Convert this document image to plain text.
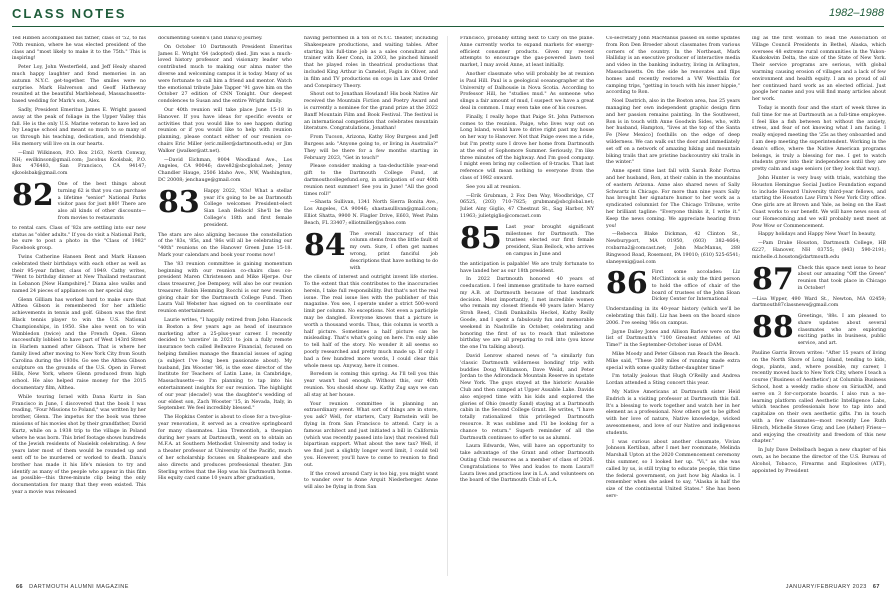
CLASS NOTES	1982–1988

Ted Hibben accompanied his father, class of '52, to his 70th reunion, where he was elected president of the class and "most likely to make it to the 75th." This is inspiring!

Peter Loy, John Westerfield, and Jeff Healy shared much happy laughter and fond memories in an autumn N.Y.C. get-together. The smiles were no surprise. Mark Halverson and Geoff Hatheway reunited at the beautiful Marblehead, Massachusetts-based wedding for Mark's son, Alex.

Sadly, President Emeritus James E. Wright passed away at the peak of foliage in the Upper Valley this fall. He is the only U.S. Marine veteran to have led an Ivy League school and meant so much to so many of us through his teaching, dedication, and friendship. His memory will live on in our hearts.

—Emil Wilkinson, P.O. Box 2163, North Conway, NH; ewilkinson@gmail.com; Jacobus Koolsbak, P.O. Box 476483, San Francisco, CA 94147; sjkoolsbak@gmail.com

82 One of the best things about turning 62 is that you can purchase a lifetime "senior" National Parks visitor pass for just $80! There are also all kinds of other discounts—from movies to restaurants

to rental cars. Class of '82s are settling into our new status as "older adults." If you do visit a National Park, be sure to post a photo in the "Class of 1982" Facebook group.

Twins Catherine Hansen Bent and Mark Hansen celebrated their birthdays with each other as well as their 95-year father, class of 1949. Cathy writes, "Went to birthday dinner at New Thailand restaurant in Lebanon [New Hampshire]." Diana also walks and named 24 pieces of appliances on her special day.

Glenn Gilliam has worked hard to make sure that Althea Gibson is remembered for her athletic achievements in tennis and golf. Gibson was the first Black tennis player to win the U.S. National Championships, in 1950. She also went on to win Wimbledon (twice) and the French Open. Glenn successfully lobbied to have part of West 143rd Street in Harlem named after Gibson. That is where her family lived after moving to New York City from South Carolina during the 1930s. Go see the Althea Gibson sculpture on the grounds of the U.S. Open in Forest Hills, New York, where Glenn produced from high school. He also helped raise money for the 2015 documentary film, Althea.

While touring Israel with Dana Kurtz in San Francisco in June, I discovered that the book I was reading, "Four Missions to Poland," was written by her brother, Glenn. The impetus for the book was three missions of his movies shot by their grandfather, David Kurtz, while on a 1938 trip to the village in Poland where he was born. This brief footage shows hundreds of the Jewish residents of Nasielsk celebrating. A few years later most of them would be rounded up and sent off to be murdered or worked to death. Dana's brother has made it his life's mission to try and identify as many of the people who appear in this film as possible—this three-minute clip being the only documentation for many that they even existed. This year a movie was released

documenting Glenn's (and Dana's) journey.

On October 10 Dartmouth President Emeritus James E. Wright '64 (adopted) died. Jim was a much-loved history professor and visionary leader who contributed much to making our alma mater the diverse and welcoming campus it is today. Many of us were fortunate to call him a friend and mentor. Watch the emotional tribute Jake Tapper '91 gave him on the October 27 edition of CNN Tonight. Our deepest condolences to Susan and the entire Wright family.

Our 40th reunion will take place June 15-18 in Hanover. If you have ideas for specific events or activities that you would like to see happen during reunion or if you would like to help with reunion planning, please contact either of our reunion co-chairs Eric Miller (eric.miller@dartmouth.edu) or Jim Walker (jwalker@att.net).

—David Eichman, 9004 Woodland Ave., Los Angeles, CA 90046; dave82@sbcglobal.net; Jenny Chandler Hauge, 2506 Idaho Ave., NW, Washington, DC 20008; jenchauge@gmail.com

83 Happy 2022, '83s! What a stellar year it's going to be as Dartmouth College welcomes President-elect Sian Leah Beilock! She'll be the College's 18th and first female president.

The stars are also aligning because the constellation of the '83s, '85s, and '86s will all be celebrating our "40th" reunions on the Hanover Green June 15-18. Mark your calendars and book your rooms now!

The '83 reunion committee is gaining momentum beginning with our reunion co-chairs class co-president Maren Christensen and Mike Hjerpe. Our class treasurer, Joe Dempsey, will also be our reunion treasurer. Robin Hemming Rocchi is our new reunion giving chair for the Dartmouth College Fund. Then Laura Vail Webster has signed on to coordinate our reunion entertainment.

Laurie writes, "I happily retired from John Hancock in Boston a few years ago as head of insurance marketing after a 25-plus-year career. I recently decided to 'unretire' in 2021 to join a fully remote insurance tech called Bellwave Financial, focused on helping families manage the financial issues of aging (a subject I've long been passionate about). My husband, Jim Wooster '86, is the exec director of the Institute for Teachers of Latin Lane, in Cambridge, Massachusetts—so I'm planning to tap into his entertainment insights for our reunion. The highlight of our year (decade!) was the daughter's wedding of our eldest son, Zach Wooster '15, in Nevada, Italy, in September. We feel incredibly blessed."

The Hopkins Center is about to close for a two-plus-year renovation, it served as a creative springboard for many classmates. Lisa Tremontioh, a thespian during her years at Dartmouth, went on to obtain an M.F.A. at Southern Methodist University and today is a theater professor at University of the Pacific, much of her scholarship focuses on Shakespeare and she also directs and produces professional theater. Jim Sterling writes that the Hop was his Dartmouth home. His equity card came 10 years after graduation,

having performed in a ton of N.Y.C. theater, including Shakespeare productions, and waiting tables. After starting his full-time job as a sales consultant and trainer with Keer Conn, in 2003, he pinched himself that he played roles in theatrical productions that included King Arthur in Camelot, Fagin in Oliver, and in film and TV productions on cops in Law and Order and Conspiracy Theory.

Shout out to Jonathan Howland! His book Native Air received the Mountain Fiction and Poetry Award and is currently a nominee for the grand prize at the 2022 Banff Mountain Film and Book Festival. The festival is an international competition that celebrates mountain literature. Congratulations, Jonathan!

From Tucson, Arizona, Kathy Hoy Burgess and Jeff Burgess ask: "Anyone going to, or living in Australia?" They will be there for a few months starting in February 2023, "Get in touch!"

Please consider making a tax-deductible year-end gift to the Dartmouth College Fund, at dartmouthcollegefund.org, in anticipation of our 40th reunion next summer! See you in June! "All the good times roll!"

—Shasta Sullivan, 1341 North Sierra Bonita Ave., Los Angeles, CA 90046; shastasullivan@gmail.com; Elliot Shatta, 9900 N. Flagler Drive, E603, West Palm Beach, FL 33407; elliotmiller@yahoo.com

84 The overall inaccuracy of this column stems from the little fault of my own. Sure, I often get names wrong, print fanciful job descriptions that have nothing to do with

the clients of interest and outright invent life stories. To the extent that this contributes to the inaccuracies herein, I take full responsibility. But that's not the real issue. The real issue lies with the publisher of this magazine. You see, I operate under a strict 500-word limit per column. No exceptions. Not even a participle may be dangled. Everyone knows that a picture is worth a thousand words. Thus, this column is worth a half picture. Sometimes a half picture can be misleading. That's what's going on here. I'm only able to tell half of the story. No wonder it all seems so poorly researched and pretty much made up. If only I had a few hundred more words, I could clear this whole mess up. Anyway, here it comes.

Boredom is coming this spring. As I'll tell you this year wasn't bad enough. Without this, our 40th reunion. You should show up. Kathy Zug says we can all stay at her house.

Your reunion committee is planning an extraordinary event. What sort of things are in store, you ask? Well, for starters, Cary Barnstein will be flying in from San Francisco to attend. Cary is a famous architect and just initiated a bill in California (which was recently passed into law) that received full bipartisan support. What about the new tax? Well, if we find just a slightly longer word limit, I could tell you. However, you'll have to come to reunion to find out.

If the crowd around Cary is too big, you might want to wander over to Anne Arquit Niederberger. Anne will also be flying in from San

Francisco, probably sitting next to Cary on the plane. Anne currently works to expand markets for energy-efficient consumer products. Given my recent attempts to encourage the gas-powered lawn tool market, I may avoid Anne, at least initially.

Another classmate who will probably be at reunion is Paul Hill. Paul is a geological oceanographer at the University of Dalhousie in Nova Scotia. According to Professor Hill, he "studies mud." As someone who slings a fair amount of mud, I suspect we have a great deal in common. I may even take one of his courses.

Finally, I really hope that Paige St. John Patterson comes to the reunion. Paige, who lives way out on Long Island, would have to drive right past my house on her way to Hanover. Not that Paige owes me a ride, but I'm pretty sure I drove her home from Dartmouth at the end of Sophomore Summer. Seriously, I'm like three minutes off the highway. And I'm good company. I might even bring my collection of 8-tracks. That last reference will mean nothing to everyone from the class of 1982 onward.

See you all at reunion.

—Erik Grubman, 2 Fox Den Way, Woodbridge, CT 06525, (203) 710-7825; grubman@sbcglobal.net; Juliet Ainy Giglio, 47 Chestnut St., Sag Harbor, NY 11963; julietgiglio@comcast.com

85 Last year brought significant milestones for Dartmouth. The trustees elected our first female president, Sian Beilock, who arrives on campus in June and

the anticipation is palpable! We are truly fortunate to have landed her as our 18th president.

In 2022 Dartmouth honored 40 years of coeducation. I feel immense gratitude to have earned my A.B. at Dartmouth because of that landmark decision. Most importantly, I met incredible women who remain my closest friends 40 years later: Marcy Stroh Reed, Cindi Dankaibila Heckel, Kathy Reilly Goode, and I spent a fabulously fun and memorable weekend in Nashville in October, celebrating and honoring the first of us to reach that milestone birthday we are all preparing to roll into (you know the one I'm talking about).

David Lenrow shared news of "a similarly fun 'classic Dartmouth wilderness bonding' trip with buddies Doug Williamson, Dave Weild, and Peter Jordan to the Adirondack Mountain Reserve in upstate New York. The guys stayed at the historic Ausable Club and then camped at Upper Ausable Lake. Davids also enjoyed time with his kids and explored the glories of Ohio (mostly Sand) staying at a Dartmouth cabin in the Second College Grant. He writes, "I have totally rationalized this privileged Dartmouth resource. It was sublime and I'll be looking for a chance to return." Superb reminder of all the Dartmouth continues to offer to us as alumni.

Laura Edwards, Wes, will have an opportunity to take advantage of the Grant and other Dartmouth Outing Club resources as a member of class of 2026. Congratulations to Wes and kudos to mom Laura!! Laura lives and practices law in L.A. and volunteers on the board of the Dartmouth Club of L.A.

Co-secretary John MacManus passed on some updates from Ron Den Broeder about classmates from various corners of the country. In the Northeast, Mark Halliday is an executive producer of interactive media and video in the banking industry, living in Arlington, Massachusetts. On the side he renovates and flips homes and recently restored a VW Westfalia for camping trips, "getting in touch with his inner hippie," according to Ron.

Noel Dastrich, also in the Boston area, has 25 years managing her own independent graphic design firm and her passion remains painting. In the Southwest, Ron is in touch with Anne Goodwin Sides, who, with her husband, Hampton, "lives at the top of the Santa Fe [New Mexico] foothills on the edge of deep wilderness. We can walk out the door and immediately set off on a network of amazing hiking and mountain biking trails that are pristine backcountry ski trails in the winter."

Anne spent time last fall with Sarah Rohr Fortna and her husband, Ron, at their cabin in the mountains of eastern Arizona. Anne also shared news of Sally Schwartz in Chicago. For more than nine years Sally has brought her signature humor to her work as a syndicated columnist for The Chicago Tribune, write her brilliant tagline: "Everyone thinks it, I write it." Keep the news coming. We appreciate hearing from you!

—Rebecca Blake Dickman, 42 Clinton St., Newburyport, MA 01950, (603) 382-4664; rcsbarna2@comcast.net; John MacManus, 288 Ringwood Road, Rosemont, PA 19010; (610) 525-6541; slaneyenig@aol.com

86 First some accolades: Liz McClintock is only the third person to hold the office of chair of the board of trustees of the John Sloan Dickey Center for International

Understanding in its 40-year history (which we'll be celebrating this fall). Liz has been on the board since 2006. I've seeing '86s on campus.

Jayne Dailey Jones and Allison Barlow were on the list of Dartmouth's "100 Greatest Athletes of All Time!" in the September-October issue of DAM.

Mike Moody and Peter Gibson ran Reach the Beach. Mike said, "These 200 miles of running made extra special with some quality father-daughter time!"

I'm totally jealous that Hugh O'Reilly and Andrea Lordan attended a Sting concert this year.

My Native Americans at Dartmouth sister Heid Endrich is a visiting professor at Dartmouth this fall. It's a blessing to work together and watch her in her element as a professional. Now others get to be gifted with her love of nature, Native knowledge, wicked awesomeness, and love of our Native and indigenous students.

I was curious about another classmate, Vivian Johnson Kertiban, after I met her roommate, Melinda Marshall Upton at the 2020 Commencement ceremony this summer, so I looked her up. "Vi," as she was called by us, is still trying to educate people, this time the federal government, on just how big Alaska is. I remember when she asked to say, "Alaska is half the size of the continental United States." She has been serv-

ing as the first woman to lead the Association of Village Council Presidents in Bethel, Alaska, which oversees 48 extreme rural communities in the Yukon-Kuskokwim Delta, the size of the State of New York. Their service programs are serious, with global warming causing erosion of villages and a lack of few environment and health equity. I am so proud of all her continued hard work as an elected official. Just google her name and you will find many articles about her work.

Today is month four and the start of week three in full time for me at Dartmouth as a full-time employee. I feel like a fish between hot without the anxiety, stress, and fear of not knowing what I am facing. I really enjoyed meeting the '25s as they onboarded and I am deep meeting the superintendent. Working in the dean's office, where the Native American programs belongs, is truly a blessing for me. I get to watch students grow into their independence until they are pretty calm and sage seniors (or they look that way).

John Hunter is very busy with trials, watching the Houston Hemingue Social Justice Foundation expand to include Howard University third-year fellows, and starting the Houston Law Firm's New York City office. One girls are at Brown and Yale, as being on the East Coast works to our benefit. We will have news soon of our Homecoming and we will probably next meet at Pow Wow or Commencement.

Happy holidays and Happy New Year! In beauty,

—Pam Drake Houston, Dartmouth College, HB 6227, Hanover, NH 03755; (843) 590-2191; michelle.d.houston@dartmouth.edu

87 Check this space next issue to hear about our amazing "Off the Green" reunion that took place in Chicago in October!

—Lisa Wpper, 490 Ward St., Newton, MA 02459; dartmouth87classnews@gmail.com

88 Greetings, '88s. I am pleased to share updates about several classmates who are exploring exciting paths in business, public service, and art.

Pauline Garris Brown writes: "After 15 years of living on the North Shore of Long Island, tending to kids, dogs, plants, and, where possible, my career, I recently moved back to New York City, where I teach a course ('Business of Aesthetics') at Columbia Business School, host a weekly radio show on SiriusXM, and serve on 3 for-corporate boards. I also run a no-learning platform called Aesthetic Intelligence Labs, which teaches professionals how to tap into and capitalize on their own aesthetic gifts. I'm in touch with a few classmates—most recently Lee Ruth Hirsch, Michelle Stowe Gray, and Lee (Asher) Friess—and enjoying the creativity and freedom of this new chapter."

In July Dave Deltelbach began a new chapter of his own, as he became the director of the U.S. Bureau of Alcohol, Tobacco, Firearms and Explosives (ATF), appointed by President

66 DARTMOUTH ALUMNI MAGAZINE	JANUARY/FEBRUARY 2023 67
